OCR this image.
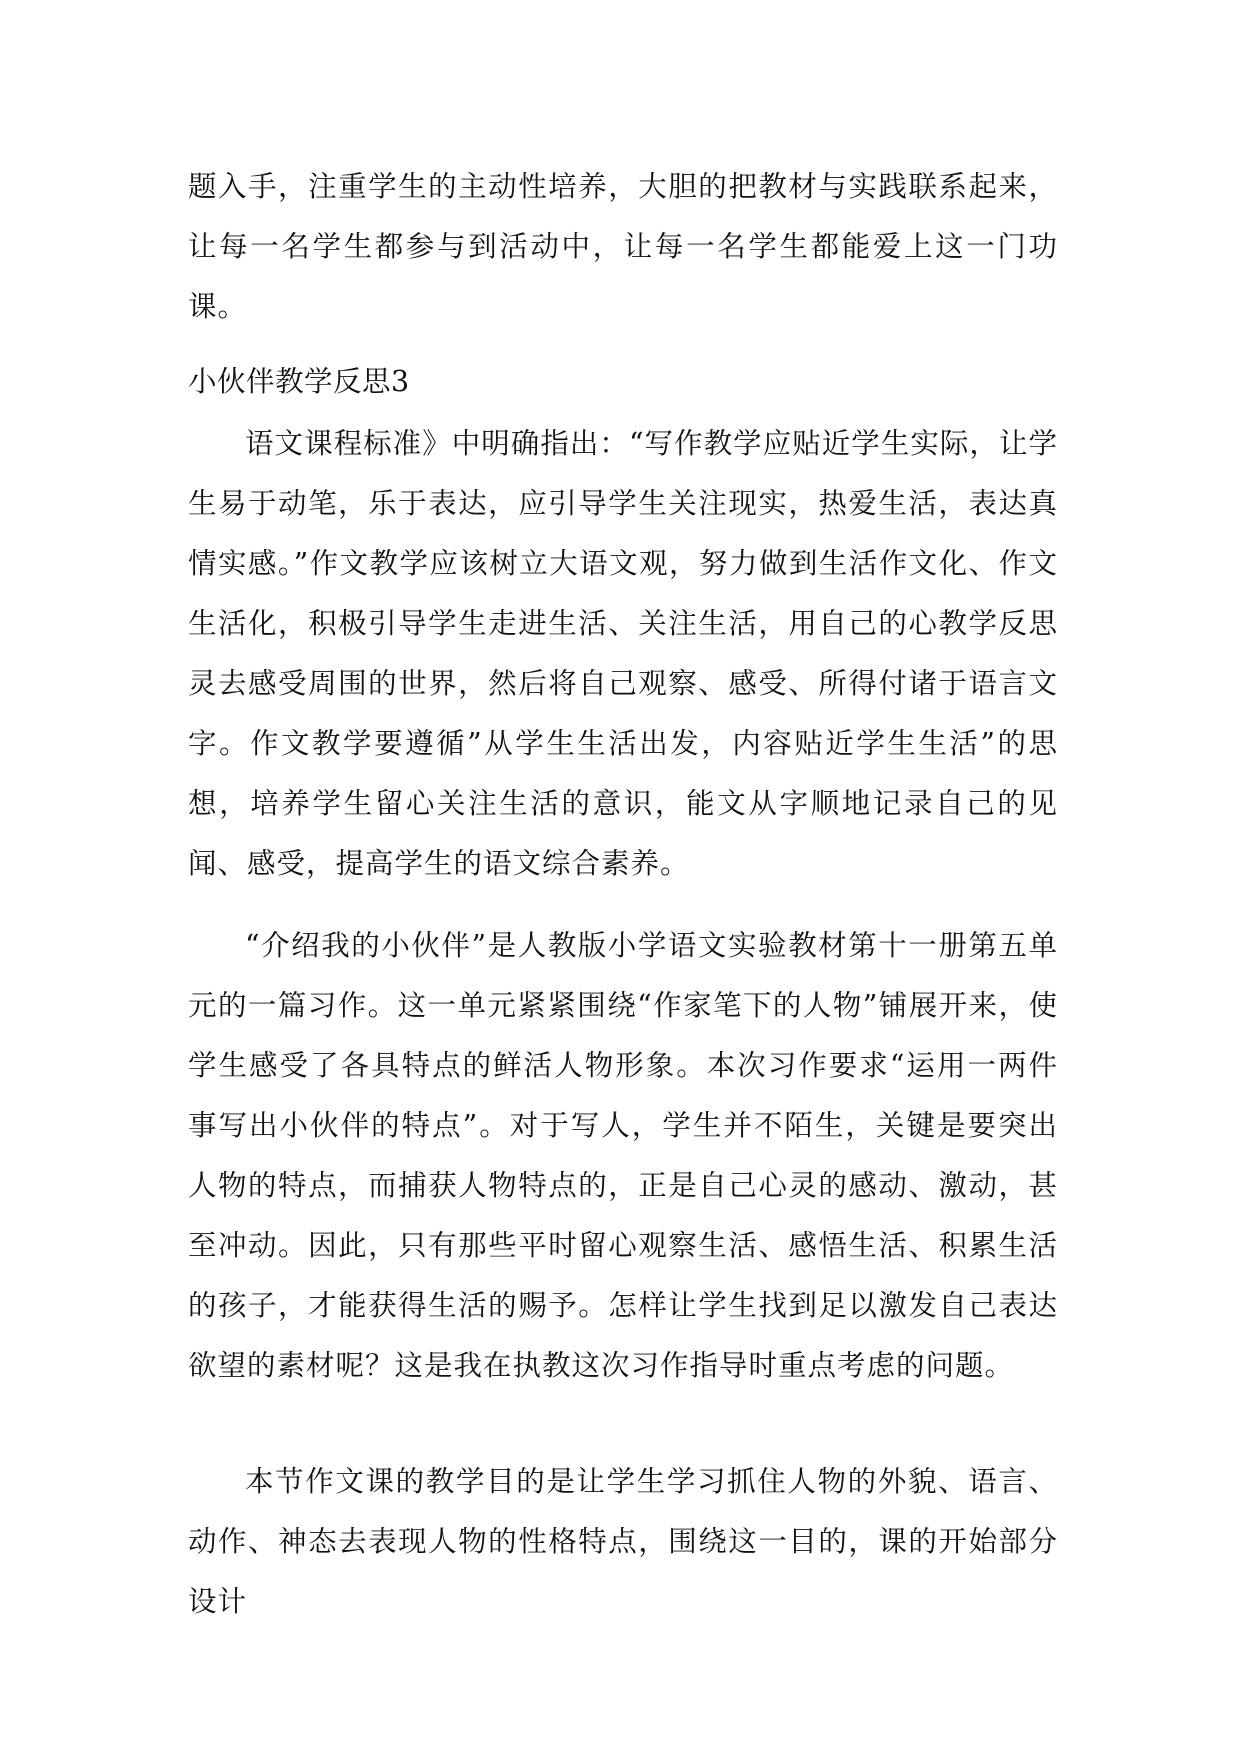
题入手，注重学生的主动性培养，大胆的把教材与实践联系起来，让每一名学生都参与到活动中，让每一名学生都能爱上这一门功课。
小伙伴教学反思3

语文课程标准》中明确指出：“写作教学应贴近学生实际，让学生易于动笔，乐于表达，应引导学生关注现实，热爱生活，表达真情实感。”作文教学应该树立大语文观，努力做到生活作文化、作文生活化，积极引导学生走进生活、关注生活，用自己的心教学反思灵去感受周围的世界，然后将自己观察、感受、所得付诸于语言文字。作文教学要遵循”从学生生活出发，内容贴近学生生活”的思想，培养学生留心关注生活的意识，能文从字顺地记录自己的见闻、感受，提高学生的语文综合素养。

“介绍我的小伙伴”是人教版小学语文实验教材第十一册第五单元的一篇习作。这一单元紧紧围绕“作家笔下的人物”铺展开来，使学生感受了各具特点的鲜活人物形象。本次习作要求“运用一两件事写出小伙伴的特点”。对于写人，学生并不陌生，关键是要突出人物的特点，而捕获人物特点的，正是自己心灵的感动、激动，甚至冲动。因此，只有那些平时留心观察生活、感悟生活、积累生活的孩子，才能获得生活的赐予。怎样让学生找到足以激发自己表达欲望的素材呢？这是我在执教这次习作指导时重点考虑的问题。

本节作文课的教学目的是让学生学习抓住人物的外貌、语言、动作、神态去表现人物的性格特点，围绕这一目的，课的开始部分设计
